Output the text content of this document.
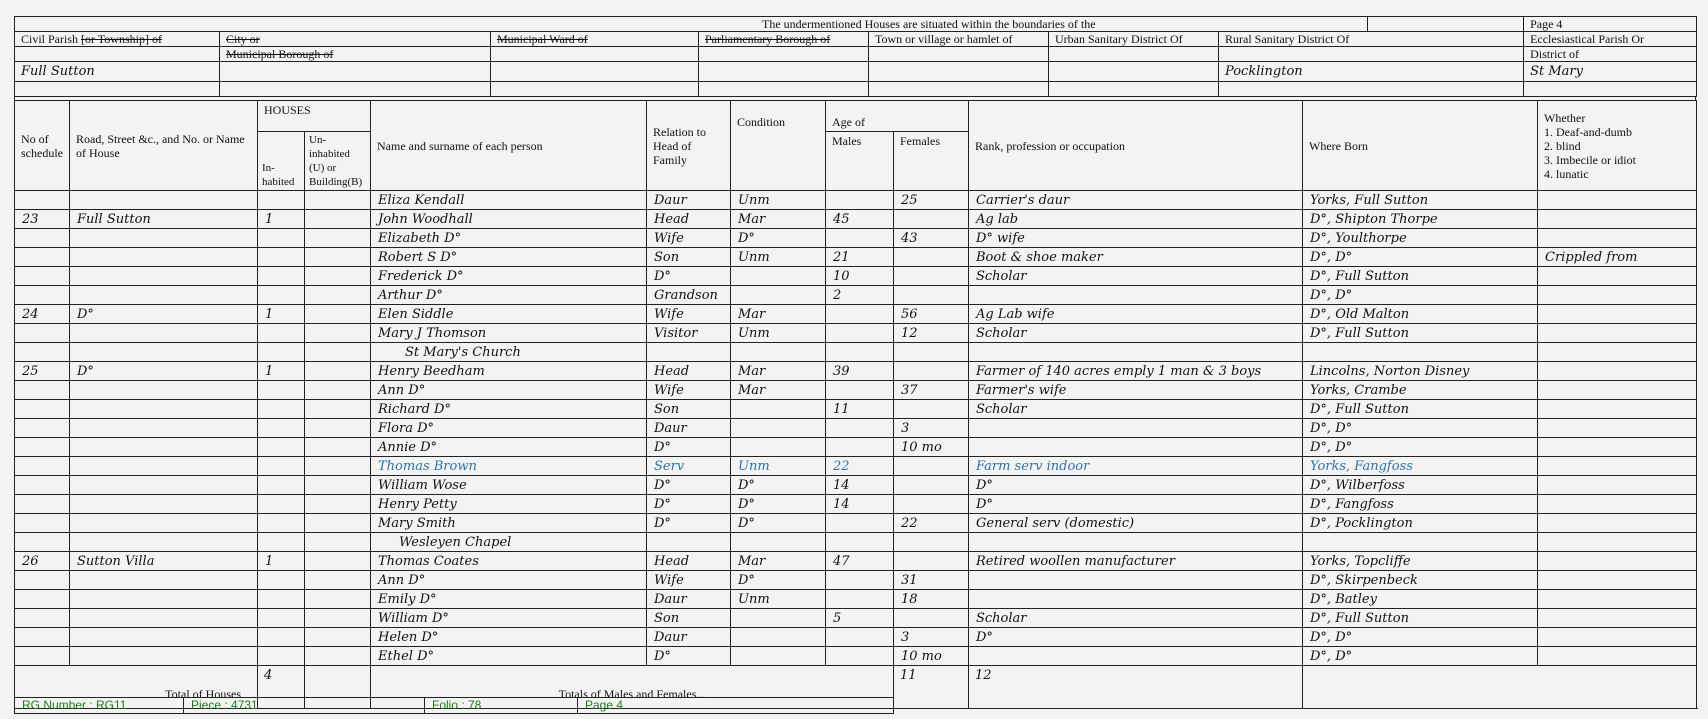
		The undermentioned Houses are situated within the boundaries of the						Page 4
Civil Parish [or Township] of	City or	Municipal Ward of	Parliamentary Borough of	Town or village or hamlet of	Urban Sanitary District Of	Rural Sanitary District Of		Ecclesiastical Parish Or
	Municipal Borough of							District of
Full Sutton						Pocklington		St Mary

No of schedule	Road, Street &c., and No. or Name of House	HOUSES		Name and surname of each person	Relation to Head of Family	Condition	Age of		Rank, profession or occupation	Where Born	Whether
1. Deaf-and-dumb
2. blind
3. Imbecile or idiot
4. lunatic

		In- habited	Un- inhabited (U) or Building(B)				Males	Females			
				Eliza Kendall	Daur	Unm		25	Carrier's daur	Yorks, Full Sutton	
23	Full Sutton	1		John Woodhall	Head	Mar	45		Ag lab	D°, Shipton Thorpe	
				Elizabeth D°	Wife	D°		43	D° wife	D°, Youlthorpe	
				Robert S D°	Son	Unm	21		Boot & shoe maker	D°, D°	Crippled from
				Frederick D°	D°		10		Scholar	D°, Full Sutton	
				Arthur D°	Grandson		2			D°, D°	
24	D°	1		Elen Siddle	Wife	Mar		56	Ag Lab wife	D°, Old Malton	
				Mary J Thomson	Visitor	Unm		12	Scholar	D°, Full Sutton	
				St Mary's Church							
25	D°	1		Henry Beedham	Head	Mar	39		Farmer of 140 acres emply 1 man & 3 boys	Lincolns, Norton Disney	
				Ann D°	Wife	Mar		37	Farmer's wife	Yorks, Crambe	
				Richard D°	Son		11		Scholar	D°, Full Sutton	
				Flora D°	Daur			3		D°, D°	
				Annie D°	D°			10 mo		D°, D°	
				Thomas Brown	Serv	Unm	22		Farm serv indoor	Yorks, Fangfoss	
				William Wose	D°	D°	14		D°	D°, Wilberfoss	
				Henry Petty	D°	D°	14		D°	D°, Fangfoss	
				Mary Smith	D°	D°		22	General serv (domestic)	D°, Pocklington	
				Wesleyen Chapel							
26	Sutton Villa	1		Thomas Coates	Head	Mar	47		Retired woollen manufacturer	Yorks, Topcliffe	
				Ann D°	Wife	D°		31		D°, Skirpenbeck	
				Emily D°	Daur	Unm		18		D°, Batley	
				William D°	Son		5		Scholar	D°, Full Sutton	
				Helen D°	Daur			3	D°	D°, D°	
				Ethel D°	D°			10 mo		D°, D°	
Total of Houses		4		Totals of Males and Females...				11	12		
RG Number : RG11	Piece : 4731	Folio : 78	Page 4
